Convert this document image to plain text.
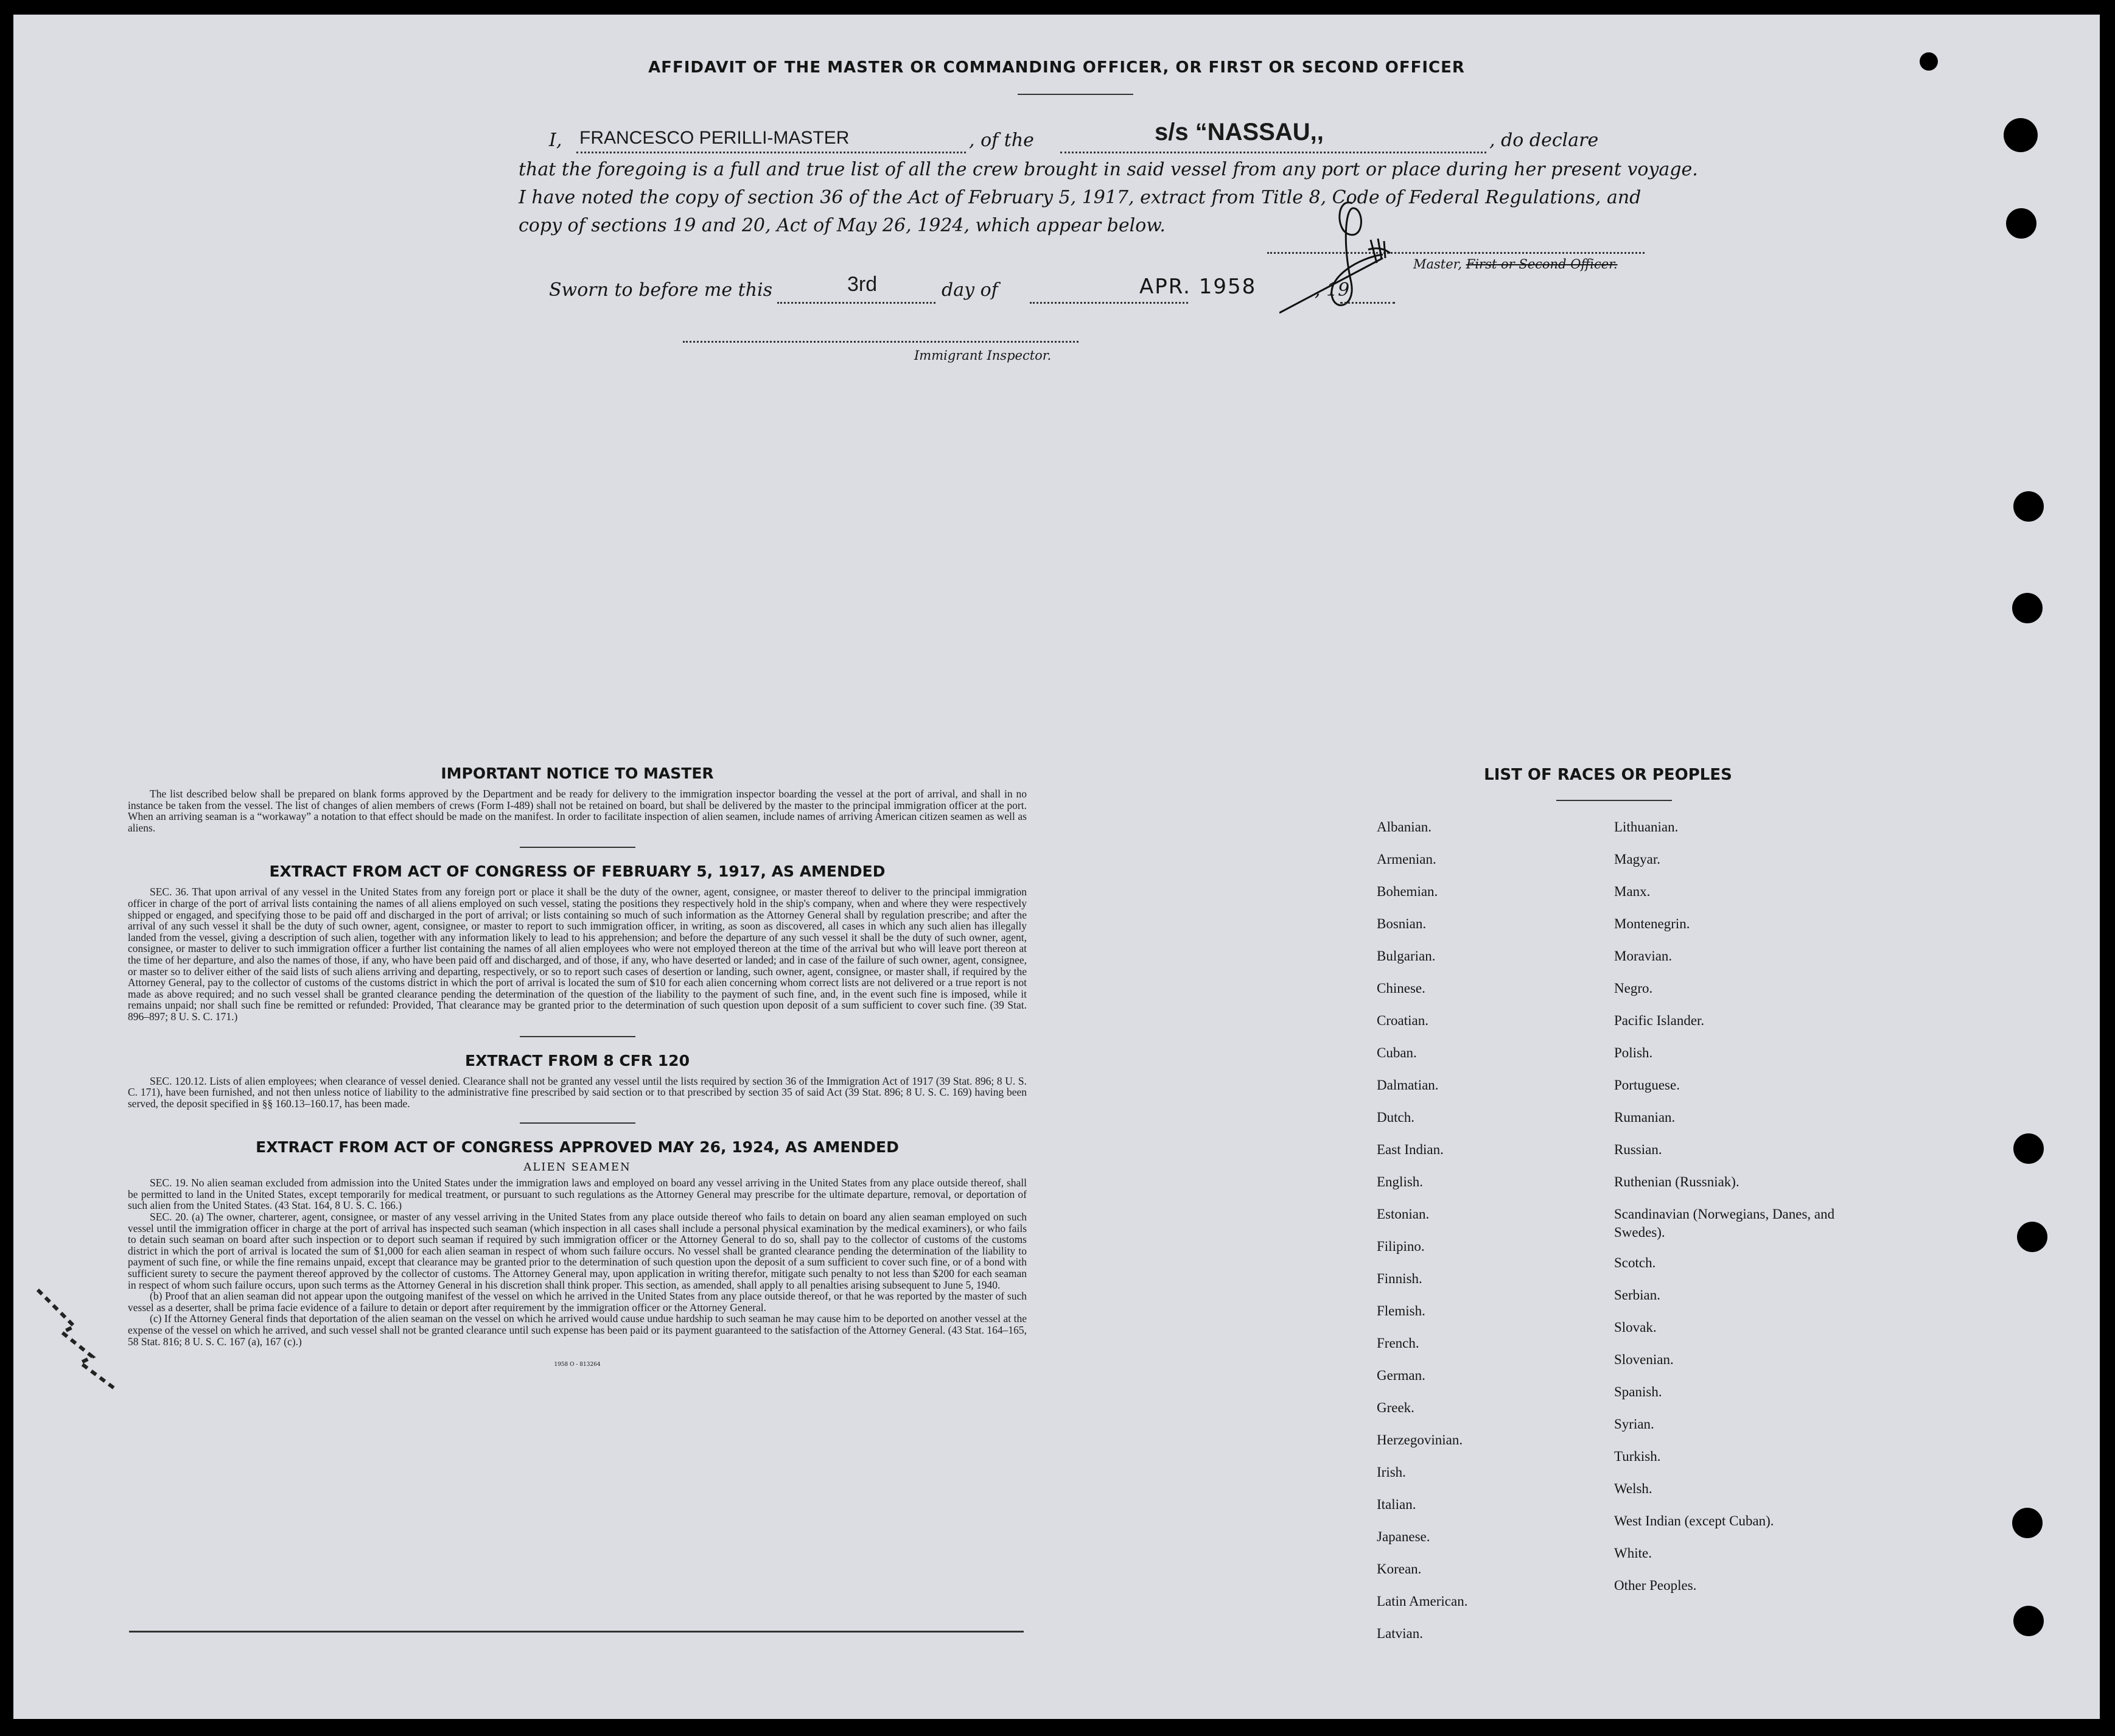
AFFIDAVIT OF THE MASTER OR COMMANDING OFFICER, OR FIRST OR SECOND OFFICER
I, FRANCESCO PERILLI-MASTER	, of the	s/s “NASSAU,,	, do declare
that the foregoing is a full and true list of all the crew brought in said vessel from any port or place during her present voyage.
I have noted the copy of section 36 of the Act of February 5, 1917, extract from Title 8, Code of Federal Regulations, and
copy of sections 19 and 20, Act of May 26, 1924, which appear below.
Master, First or Second Officer.
Sworn to before me this	3rd	day of	APR. 1958	, 19
Immigrant Inspector.
IMPORTANT NOTICE TO MASTER

The list described below shall be prepared on blank forms approved by the Department and be ready for delivery to the immigration inspector boarding the vessel at the port of arrival, and shall in no instance be taken from the vessel. The list of changes of alien members of crews (Form I-489) shall not be retained on board, but shall be delivered by the master to the principal immigration officer at the port. When an arriving seaman is a “workaway” a notation to that effect should be made on the manifest. In order to facilitate inspection of alien seamen, include names of arriving American citizen seamen as well as aliens.

EXTRACT FROM ACT OF CONGRESS OF FEBRUARY 5, 1917, AS AMENDED

SEC. 36. That upon arrival of any vessel in the United States from any foreign port or place it shall be the duty of the owner, agent, consignee, or master thereof to deliver to the principal immigration officer in charge of the port of arrival lists containing the names of all aliens employed on such vessel, stating the positions they respectively hold in the ship's company, when and where they were respectively shipped or engaged, and specifying those to be paid off and discharged in the port of arrival; or lists containing so much of such information as the Attorney General shall by regulation prescribe; and after the arrival of any such vessel it shall be the duty of such owner, agent, consignee, or master to report to such immigration officer, in writing, as soon as discovered, all cases in which any such alien has illegally landed from the vessel, giving a description of such alien, together with any information likely to lead to his apprehension; and before the departure of any such vessel it shall be the duty of such owner, agent, consignee, or master to deliver to such immigration officer a further list containing the names of all alien employees who were not employed thereon at the time of the arrival but who will leave port thereon at the time of her departure, and also the names of those, if any, who have been paid off and discharged, and of those, if any, who have deserted or landed; and in case of the failure of such owner, agent, consignee, or master so to deliver either of the said lists of such aliens arriving and departing, respectively, or so to report such cases of desertion or landing, such owner, agent, consignee, or master shall, if required by the Attorney General, pay to the collector of customs of the customs district in which the port of arrival is located the sum of $10 for each alien concerning whom correct lists are not delivered or a true report is not made as above required; and no such vessel shall be granted clearance pending the determination of the question of the liability to the payment of such fine, and, in the event such fine is imposed, while it remains unpaid; nor shall such fine be remitted or refunded: Provided, That clearance may be granted prior to the determination of such question upon deposit of a sum sufficient to cover such fine. (39 Stat. 896–897; 8 U. S. C. 171.)

EXTRACT FROM 8 CFR 120

SEC. 120.12. Lists of alien employees; when clearance of vessel denied. Clearance shall not be granted any vessel until the lists required by section 36 of the Immigration Act of 1917 (39 Stat. 896; 8 U. S. C. 171), have been furnished, and not then unless notice of liability to the administrative fine prescribed by said section or to that prescribed by section 35 of said Act (39 Stat. 896; 8 U. S. C. 169) having been served, the deposit specified in §§ 160.13–160.17, has been made.

EXTRACT FROM ACT OF CONGRESS APPROVED MAY 26, 1924, AS AMENDED
ALIEN SEAMEN

SEC. 19. No alien seaman excluded from admission into the United States under the immigration laws and employed on board any vessel arriving in the United States from any place outside thereof, shall be permitted to land in the United States, except temporarily for medical treatment, or pursuant to such regulations as the Attorney General may prescribe for the ultimate departure, removal, or deportation of such alien from the United States. (43 Stat. 164, 8 U. S. C. 166.)

SEC. 20. (a) The owner, charterer, agent, consignee, or master of any vessel arriving in the United States from any place outside thereof who fails to detain on board any alien seaman employed on such vessel until the immigration officer in charge at the port of arrival has inspected such seaman (which inspection in all cases shall include a personal physical examination by the medical examiners), or who fails to detain such seaman on board after such inspection or to deport such seaman if required by such immigration officer or the Attorney General to do so, shall pay to the collector of customs of the customs district in which the port of arrival is located the sum of $1,000 for each alien seaman in respect of whom such failure occurs. No vessel shall be granted clearance pending the determination of the liability to payment of such fine, or while the fine remains unpaid, except that clearance may be granted prior to the determination of such question upon the deposit of a sum sufficient to cover such fine, or of a bond with sufficient surety to secure the payment thereof approved by the collector of customs. The Attorney General may, upon application in writing therefor, mitigate such penalty to not less than $200 for each seaman in respect of whom such failure occurs, upon such terms as the Attorney General in his discretion shall think proper. This section, as amended, shall apply to all penalties arising subsequent to June 5, 1940.

(b) Proof that an alien seaman did not appear upon the outgoing manifest of the vessel on which he arrived in the United States from any place outside thereof, or that he was reported by the master of such vessel as a deserter, shall be prima facie evidence of a failure to detain or deport after requirement by the immigration officer or the Attorney General.

(c) If the Attorney General finds that deportation of the alien seaman on the vessel on which he arrived would cause undue hardship to such seaman he may cause him to be deported on another vessel at the expense of the vessel on which he arrived, and such vessel shall not be granted clearance until such expense has been paid or its payment guaranteed to the satisfaction of the Attorney General. (43 Stat. 164–165, 58 Stat. 816; 8 U. S. C. 167 (a), 167 (c).)

1958 O - 813264
LIST OF RACES OR PEOPLES
Albanian.
Armenian.
Bohemian.
Bosnian.
Bulgarian.
Chinese.
Croatian.
Cuban.
Dalmatian.
Dutch.
East Indian.
English.
Estonian.
Filipino.
Finnish.
Flemish.
French.
German.
Greek.
Herzegovinian.
Irish.
Italian.
Japanese.
Korean.
Latin American.
Latvian.
Lithuanian.
Magyar.
Manx.
Montenegrin.
Moravian.
Negro.
Pacific Islander.
Polish.
Portuguese.
Rumanian.
Russian.
Ruthenian (Russniak).
Scandinavian (Norwegians, Danes, and Swedes).
Scotch.
Serbian.
Slovak.
Slovenian.
Spanish.
Syrian.
Turkish.
Welsh.
West Indian (except Cuban).
White.
Other Peoples.
